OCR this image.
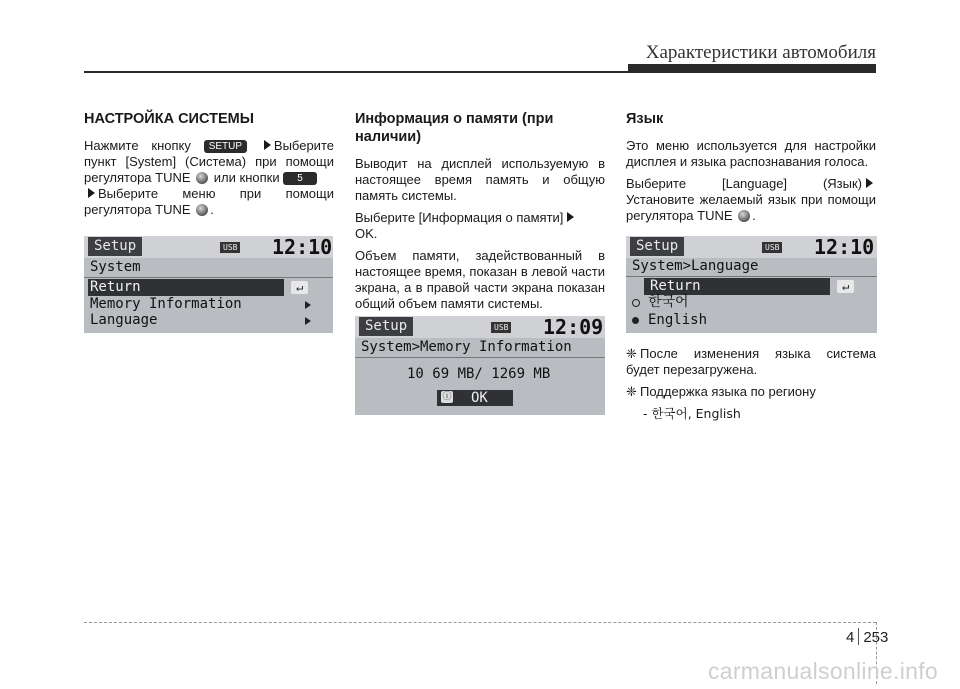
Характеристики автомобиля
НАСТРОЙКА СИСТЕМЫ

Нажмите кнопку SETUP Выберите пункт [System] (Система) при помощи регулятора TUNE или кнопки 5
Выберите меню при помощи регулятора TUNE .

Setup	USB 12:10
System
Return	↵
Memory Information
Language
Информация о памяти (при наличии)

Выводит на дисплей используемую в настоящее время память и общую память системы.

Выберите [Информация о памяти]
OK.

Объем памяти, задействованный в настоящее время, показан в левой части экрана, а в правой части экрана показан общий объем памяти системы.

Setup	USB 12:09
System>Memory Information
10 69 MB/ 1269 MB
ⓘ OK
Язык

Это меню используется для настройки дисплея и языка распознавания голоса.

Выберите [Language] (Язык) Установите желаемый язык при помощи регулятора TUNE .

Setup	USB 12:10
System>Language
Return	↵
한국어
English

❈ После изменения языка система будет перезагружена.

❈ Поддержка языка по региону

- 한국어, English

4 253
carmanualsonline.info
